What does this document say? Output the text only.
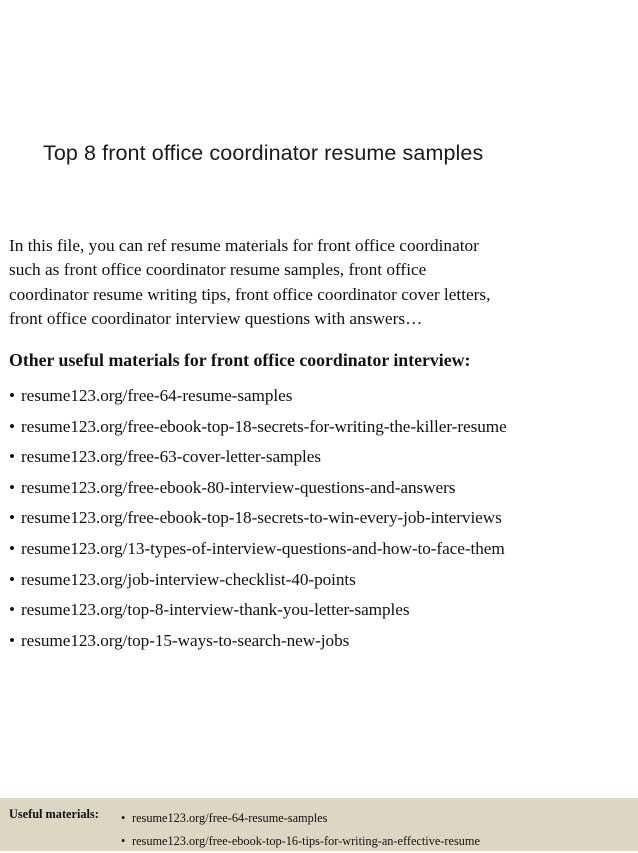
Top 8 front office coordinator resume samples
In this file, you can ref resume materials for front office coordinator
such as front office coordinator resume samples, front office
coordinator resume writing tips, front office coordinator cover letters,
front office coordinator interview questions with answers…
Other useful materials for front office coordinator interview:
• resume123.org/free-64-resume-samples
• resume123.org/free-ebook-top-18-secrets-for-writing-the-killer-resume
• resume123.org/free-63-cover-letter-samples
• resume123.org/free-ebook-80-interview-questions-and-answers
• resume123.org/free-ebook-top-18-secrets-to-win-every-job-interviews
• resume123.org/13-types-of-interview-questions-and-how-to-face-them
• resume123.org/job-interview-checklist-40-points
• resume123.org/top-8-interview-thank-you-letter-samples
• resume123.org/top-15-ways-to-search-new-jobs
Useful materials: • resume123.org/free-64-resume-samples
• resume123.org/free-ebook-top-16-tips-for-writing-an-effective-resume
